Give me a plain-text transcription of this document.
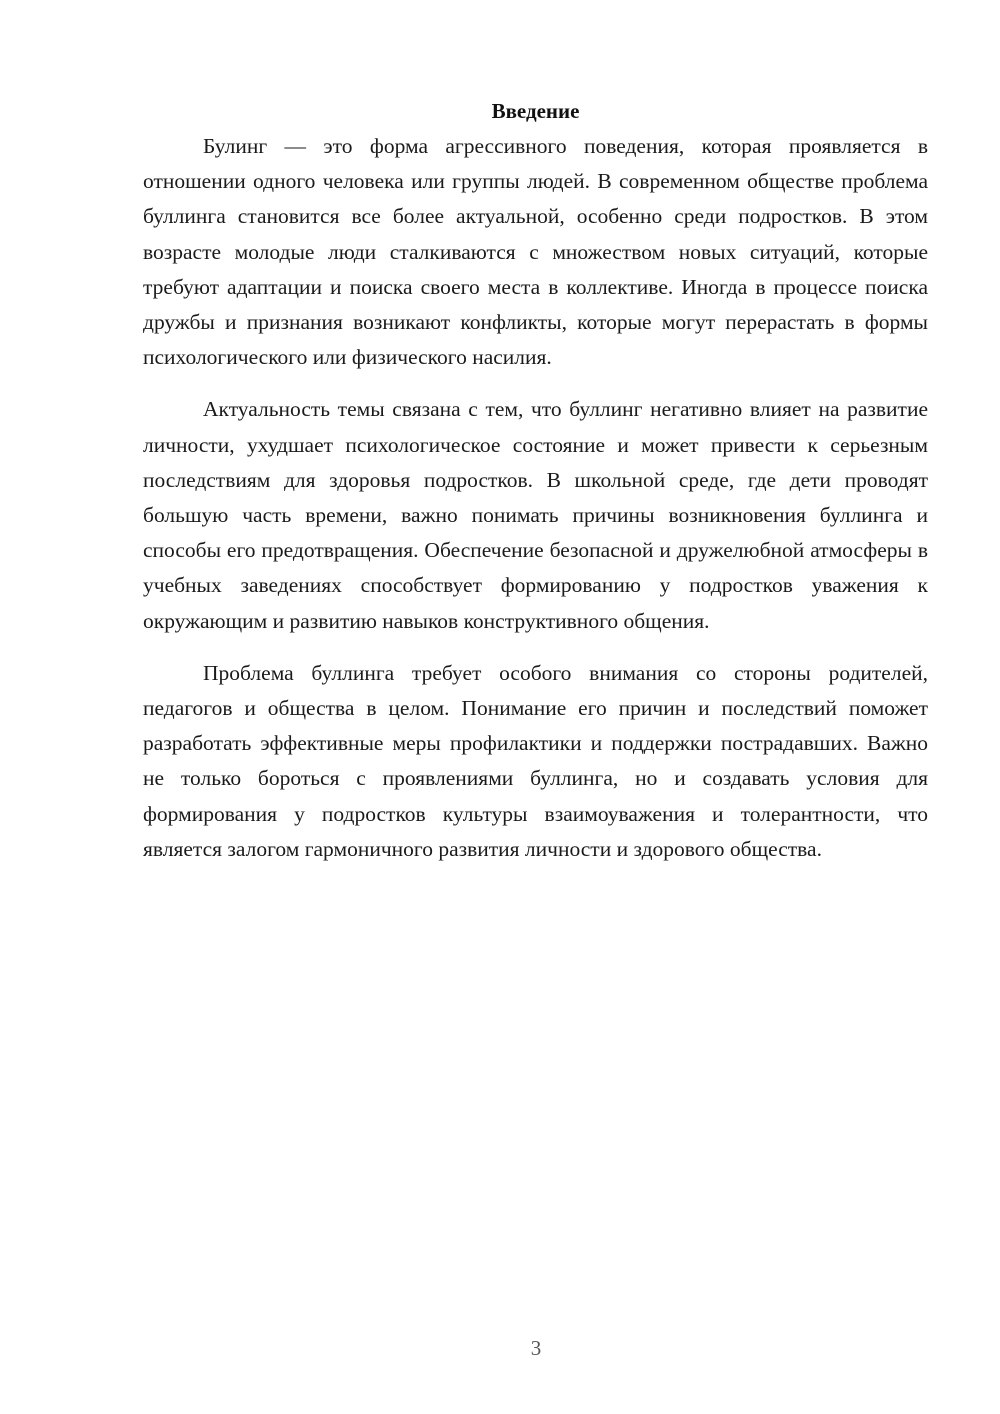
Введение

Булинг — это форма агрессивного поведения, которая проявляется в отношении одного человека или группы людей. В современном обществе проблема буллинга становится все более актуальной, особенно среди подростков. В этом возрасте молодые люди сталкиваются с множеством новых ситуаций, которые требуют адаптации и поиска своего места в коллективе. Иногда в процессе поиска дружбы и признания возникают конфликты, которые могут перерастать в формы психологического или физического насилия.

Актуальность темы связана с тем, что буллинг негативно влияет на развитие личности, ухудшает психологическое состояние и может привести к серьезным последствиям для здоровья подростков. В школьной среде, где дети проводят большую часть времени, важно понимать причины возникновения буллинга и способы его предотвращения. Обеспечение безопасной и дружелюбной атмосферы в учебных заведениях способствует формированию у подростков уважения к окружающим и развитию навыков конструктивного общения.

Проблема буллинга требует особого внимания со стороны родителей, педагогов и общества в целом. Понимание его причин и последствий поможет разработать эффективные меры профилактики и поддержки пострадавших. Важно не только бороться с проявлениями буллинга, но и создавать условия для формирования у подростков культуры взаимоуважения и толерантности, что является залогом гармоничного развития личности и здорового общества.

3
